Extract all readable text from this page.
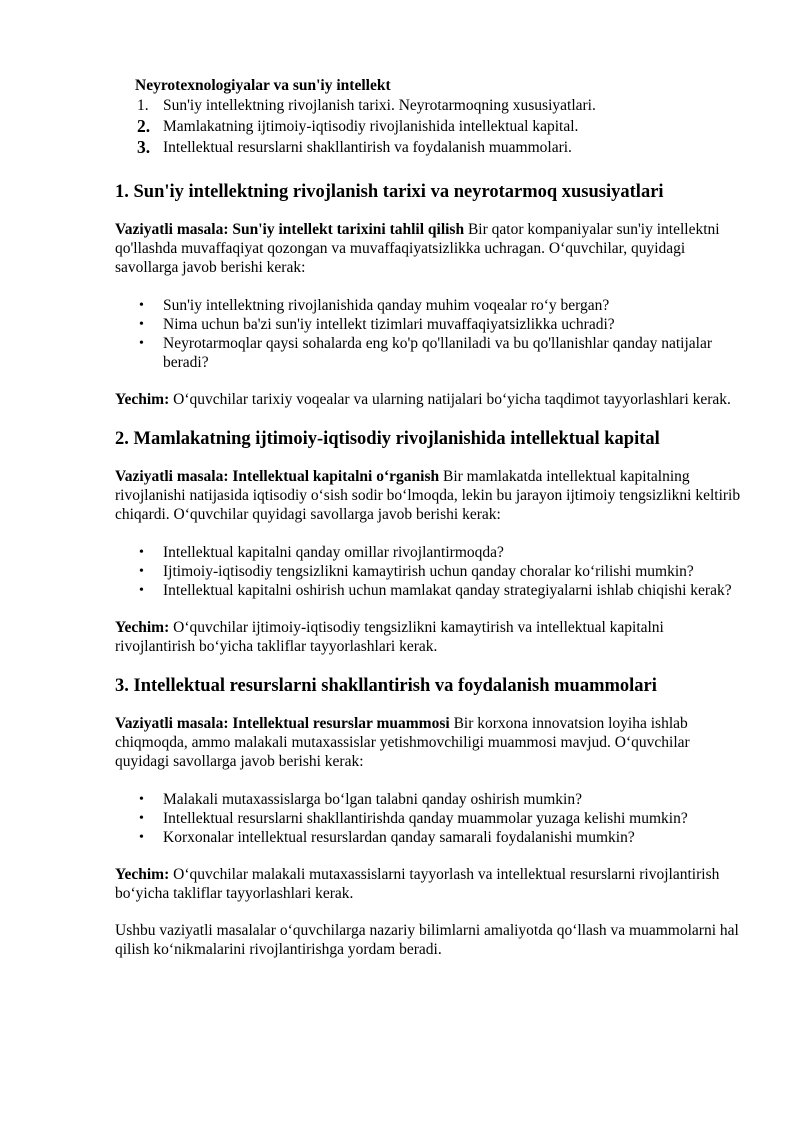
Neyrotexnologiyalar va sun'iy intellekt
1. Sun'iy intellektning rivojlanish tarixi. Neyrotarmoqning xususiyatlari.
2. Mamlakatning ijtimoiy-iqtisodiy rivojlanishida intellektual kapital.
3. Intellektual resurslarni shakllantirish va foydalanish muammolari.
1. Sun'iy intellektning rivojlanish tarixi va neyrotarmoq xususiyatlari

Vaziyatli masala: Sun'iy intellekt tarixini tahlil qilish Bir qator kompaniyalar sun'iy intellektni qo'llashda muvaffaqiyat qozongan va muvaffaqiyatsizlikka uchragan. O‘quvchilar, quyidagi savollarga javob berishi kerak:

• Sun'iy intellektning rivojlanishida qanday muhim voqealar ro‘y bergan?
• Nima uchun ba'zi sun'iy intellekt tizimlari muvaffaqiyatsizlikka uchradi?
• Neyrotarmoqlar qaysi sohalarda eng ko'p qo'llaniladi va bu qo'llanishlar qanday natijalar beradi?

Yechim: O‘quvchilar tarixiy voqealar va ularning natijalari bo‘yicha taqdimot tayyorlashlari kerak.

2. Mamlakatning ijtimoiy-iqtisodiy rivojlanishida intellektual kapital

Vaziyatli masala: Intellektual kapitalni o‘rganish Bir mamlakatda intellektual kapitalning rivojlanishi natijasida iqtisodiy o‘sish sodir bo‘lmoqda, lekin bu jarayon ijtimoiy tengsizlikni keltirib chiqardi. O‘quvchilar quyidagi savollarga javob berishi kerak:

• Intellektual kapitalni qanday omillar rivojlantirmoqda?
• Ijtimoiy-iqtisodiy tengsizlikni kamaytirish uchun qanday choralar ko‘rilishi mumkin?
• Intellektual kapitalni oshirish uchun mamlakat qanday strategiyalarni ishlab chiqishi kerak?

Yechim: O‘quvchilar ijtimoiy-iqtisodiy tengsizlikni kamaytirish va intellektual kapitalni rivojlantirish bo‘yicha takliflar tayyorlashlari kerak.

3. Intellektual resurslarni shakllantirish va foydalanish muammolari

Vaziyatli masala: Intellektual resurslar muammosi Bir korxona innovatsion loyiha ishlab chiqmoqda, ammo malakali mutaxassislar yetishmovchiligi muammosi mavjud. O‘quvchilar quyidagi savollarga javob berishi kerak:

• Malakali mutaxassislarga bo‘lgan talabni qanday oshirish mumkin?
• Intellektual resurslarni shakllantirishda qanday muammolar yuzaga kelishi mumkin?
• Korxonalar intellektual resurslardan qanday samarali foydalanishi mumkin?

Yechim: O‘quvchilar malakali mutaxassislarni tayyorlash va intellektual resurslarni rivojlantirish bo‘yicha takliflar tayyorlashlari kerak.

Ushbu vaziyatli masalalar o‘quvchilarga nazariy bilimlarni amaliyotda qo‘llash va muammolarni hal qilish ko‘nikmalarini rivojlantirishga yordam beradi.
